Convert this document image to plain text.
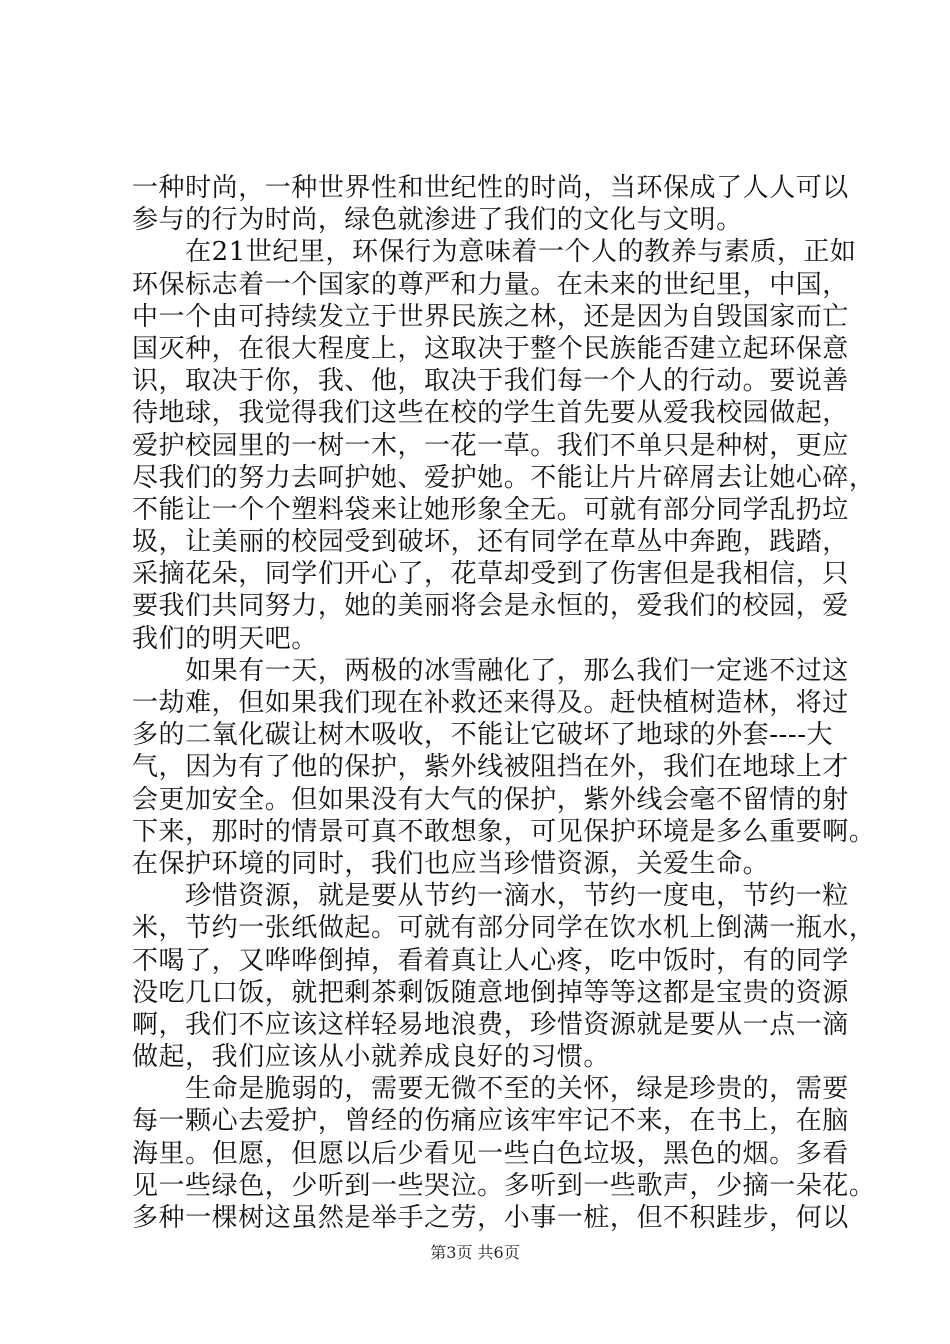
一种时尚，一种世界性和世纪性的时尚，当环保成了人人可以
参与的行为时尚，绿色就渗进了我们的文化与文明。
　　在21世纪里，环保行为意味着一个人的教养与素质，正如
环保标志着一个国家的尊严和力量。在未来的世纪里，中国，
中一个由可持续发立于世界民族之林，还是因为自毁国家而亡
国灭种，在很大程度上，这取决于整个民族能否建立起环保意
识，取决于你，我、他，取决于我们每一个人的行动。要说善
待地球，我觉得我们这些在校的学生首先要从爱我校园做起，
爱护校园里的一树一木，一花一草。我们不单只是种树，更应
尽我们的努力去呵护她、爱护她。不能让片片碎屑去让她心碎，
不能让一个个塑料袋来让她形象全无。可就有部分同学乱扔垃
圾，让美丽的校园受到破坏，还有同学在草丛中奔跑，践踏，
采摘花朵，同学们开心了，花草却受到了伤害但是我相信，只
要我们共同努力，她的美丽将会是永恒的，爱我们的校园，爱
我们的明天吧。
　　如果有一天，两极的冰雪融化了，那么我们一定逃不过这
一劫难，但如果我们现在补救还来得及。赶快植树造林，将过
多的二氧化碳让树木吸收，不能让它破坏了地球的外套----大
气，因为有了他的保护，紫外线被阻挡在外，我们在地球上才
会更加安全。但如果没有大气的保护，紫外线会毫不留情的射
下来，那时的情景可真不敢想象，可见保护环境是多么重要啊。
在保护环境的同时，我们也应当珍惜资源，关爱生命。
　　珍惜资源，就是要从节约一滴水，节约一度电，节约一粒
米，节约一张纸做起。可就有部分同学在饮水机上倒满一瓶水，
不喝了，又哗哗倒掉，看着真让人心疼，吃中饭时，有的同学
没吃几口饭，就把剩茶剩饭随意地倒掉等等这都是宝贵的资源
啊，我们不应该这样轻易地浪费，珍惜资源就是要从一点一滴
做起，我们应该从小就养成良好的习惯。
　　生命是脆弱的，需要无微不至的关怀，绿是珍贵的，需要
每一颗心去爱护，曾经的伤痛应该牢牢记不来，在书上，在脑
海里。但愿，但愿以后少看见一些白色垃圾，黑色的烟。多看
见一些绿色，少听到一些哭泣。多听到一些歌声，少摘一朵花。
多种一棵树这虽然是举手之劳，小事一桩，但不积跬步，何以
第3页 共6页
